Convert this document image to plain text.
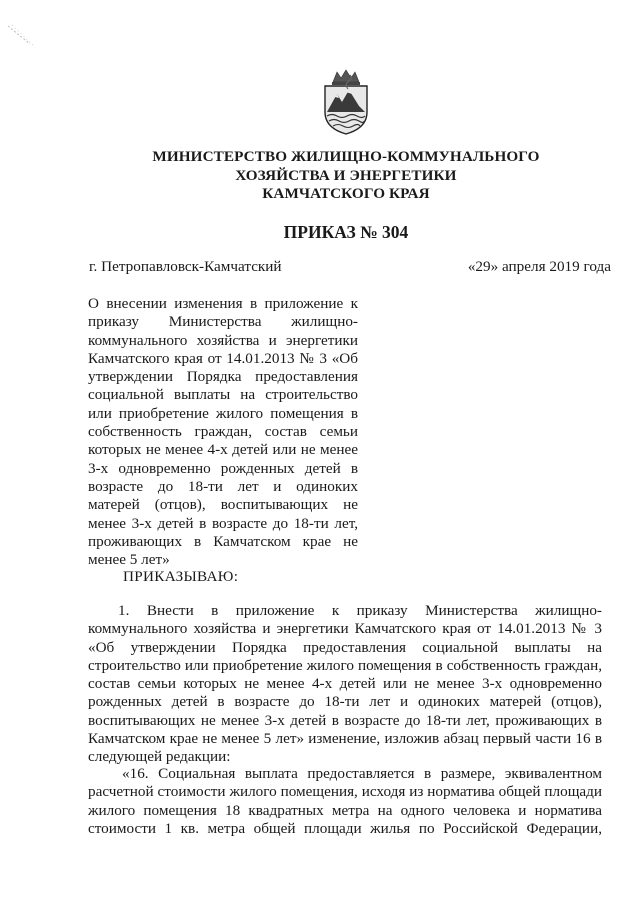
МИНИСТЕРСТВО ЖИЛИЩНО-КОММУНАЛЬНОГО
ХОЗЯЙСТВА И ЭНЕРГЕТИКИ
КАМЧАТСКОГО КРАЯ
ПРИКАЗ № 304
г. Петропавловск-Камчатский	«29» апреля 2019 года
О внесении изменения в приложение к
приказу Министерства жилищно-
коммунального хозяйства и энергетики
Камчатского края от 14.01.2013 № 3 «Об
утверждении Порядка предоставления
социальной выплаты на строительство
или приобретение жилого помещения в
собственность граждан, состав семьи
которых не менее 4-х детей или не менее
3-х одновременно рожденных детей в
возрасте до 18-ти лет и одиноких
матерей (отцов), воспитывающих не
менее 3-х детей в возрасте до 18-ти лет,
проживающих в Камчатском крае не
менее 5 лет»
ПРИКАЗЫВАЮ:
1. Внести в приложение к приказу Министерства жилищно-
коммунального хозяйства и энергетики Камчатского края от 14.01.2013 № 3
«Об утверждении Порядка предоставления социальной выплаты на
строительство или приобретение жилого помещения в собственность граждан,
состав семьи которых не менее 4-х детей или не менее 3-х одновременно
рожденных детей в возрасте до 18-ти лет и одиноких матерей (отцов),
воспитывающих не менее 3-х детей в возрасте до 18-ти лет, проживающих в
Камчатском крае не менее 5 лет» изменение, изложив абзац первый части 16 в
следующей редакции:
«16. Социальная выплата предоставляется в размере, эквивалентном
расчетной стоимости жилого помещения, исходя из норматива общей площади
жилого помещения 18 квадратных метра на одного человека и норматива
стоимости 1 кв. метра общей площади жилья по Российской Федерации,
